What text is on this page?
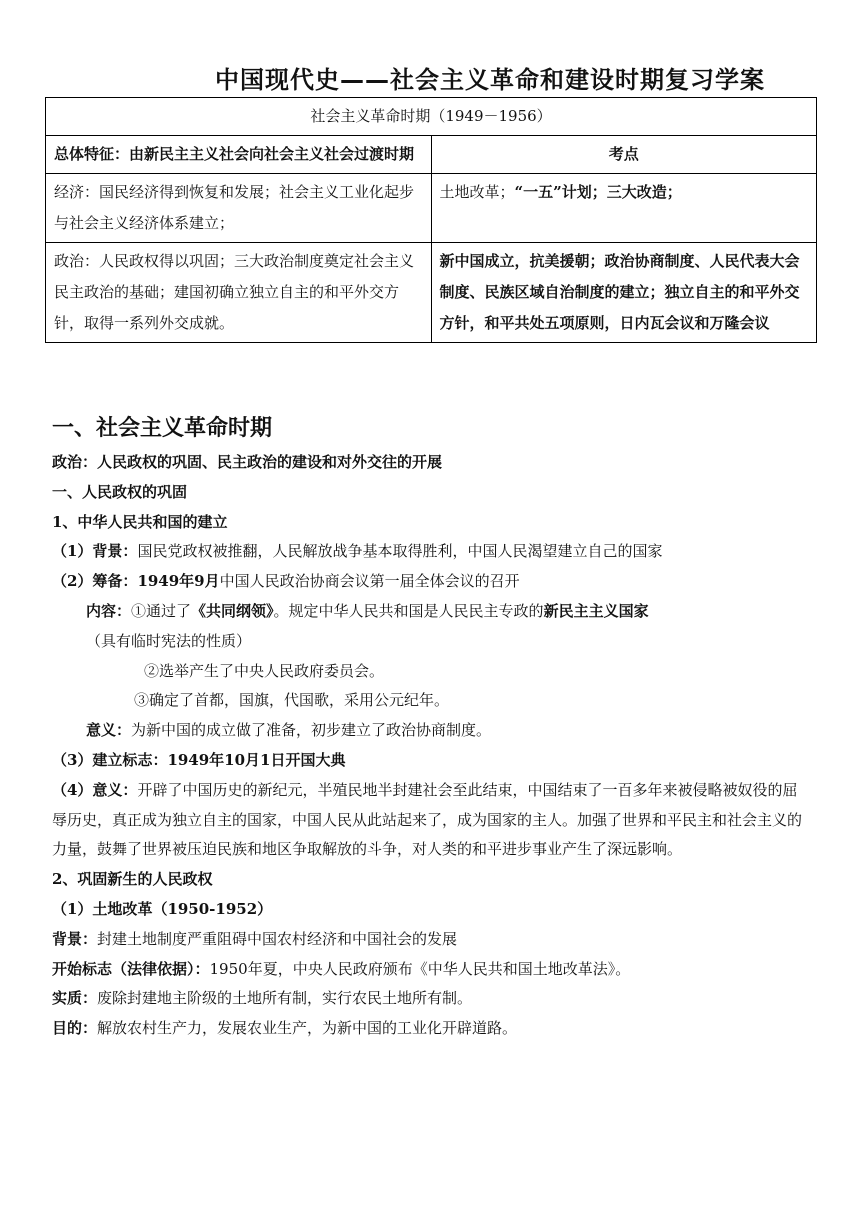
中国现代史——社会主义革命和建设时期复习学案
社会主义革命时期（1949－1956）	
总体特征：由新民主主义社会向社会主义社会过渡时期	考点
经济：国民经济得到恢复和发展；社会主义工业化起步与社会主义经济体系建立；	土地改革；“一五”计划；三大改造；
政治：人民政权得以巩固；三大政治制度奠定社会主义民主政治的基础；建国初确立独立自主的和平外交方针，取得一系列外交成就。	新中国成立，抗美援朝；政治协商制度、人民代表大会制度、民族区域自治制度的建立；独立自主的和平外交方针，和平共处五项原则，日内瓦会议和万隆会议

一、社会主义革命时期

政治：人民政权的巩固、民主政治的建设和对外交往的开展

一、人民政权的巩固

1、中华人民共和国的建立

（1）背景：国民党政权被推翻，人民解放战争基本取得胜利，中国人民渴望建立自己的国家

（2）筹备：1949年9月中国人民政治协商会议第一届全体会议的召开

内容：①通过了《共同纲领》。规定中华人民共和国是人民民主专政的新民主主义国家（具有临时宪法的性质）

②选举产生了中央人民政府委员会。

③确定了首都，国旗，代国歌，采用公元纪年。

意义：为新中国的成立做了准备，初步建立了政治协商制度。

（3）建立标志：1949年10月1日开国大典

（4）意义：开辟了中国历史的新纪元，半殖民地半封建社会至此结束，中国结束了一百多年来被侵略被奴役的屈辱历史，真正成为独立自主的国家，中国人民从此站起来了，成为国家的主人。加强了世界和平民主和社会主义的力量，鼓舞了世界被压迫民族和地区争取解放的斗争，对人类的和平进步事业产生了深远影响。

2、巩固新生的人民政权

（1）土地改革（1950-1952）

背景：封建土地制度严重阻碍中国农村经济和中国社会的发展

开始标志（法律依据）：1950年夏，中央人民政府颁布《中华人民共和国土地改革法》。

实质：废除封建地主阶级的土地所有制，实行农民土地所有制。

目的：解放农村生产力，发展农业生产，为新中国的工业化开辟道路。
